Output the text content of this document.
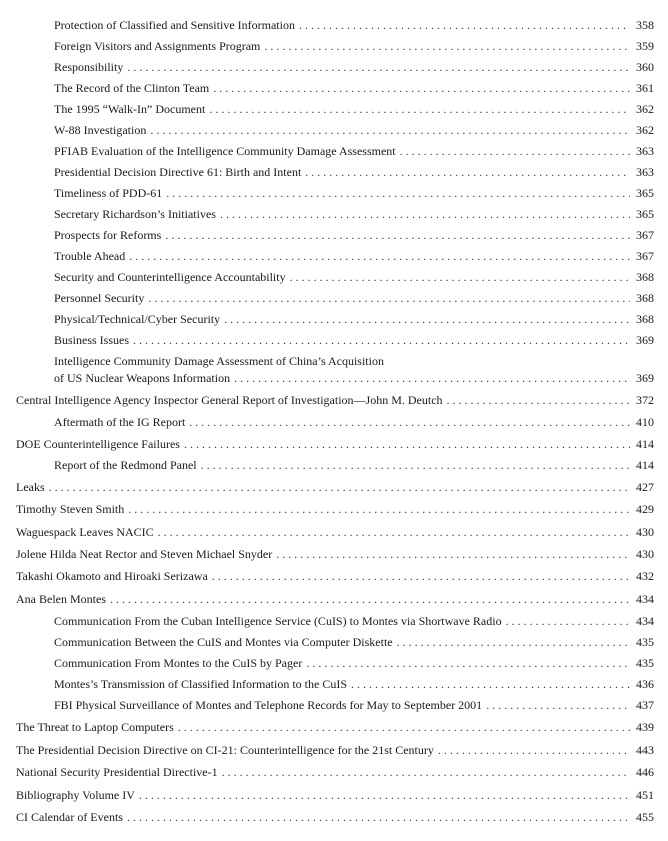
Protection of Classified and Sensitive Information . . .	358
Foreign Visitors and Assignments Program . . .	359
Responsibility . . .	360
The Record of the Clinton Team . . .	361
The 1995 “Walk-In” Document . . .	362
W-88 Investigation . . .	362
PFIAB Evaluation of the Intelligence Community Damage Assessment . . .	363
Presidential Decision Directive 61: Birth and Intent . . .	363
Timeliness of PDD-61 . . .	365
Secretary Richardson’s Initiatives . . .	365
Prospects for Reforms . . .	367
Trouble Ahead . . .	367
Security and Counterintelligence Accountability . . .	368
Personnel Security . . .	368
Physical/Technical/Cyber Security . . .	368
Business Issues . . .	369
Intelligence Community Damage Assessment of China’s Acquisition
of US Nuclear Weapons Information . . .	369
Central Intelligence Agency Inspector General Report of Investigation—John M. Deutch . . .	372
Aftermath of the IG Report . . .	410
DOE Counterintelligence Failures . . .	414
Report of the Redmond Panel . . .	414
Leaks . . .	427
Timothy Steven Smith . . .	429
Waguespack Leaves NACIC . . .	430
Jolene Hilda Neat Rector and Steven Michael Snyder . . .	430
Takashi Okamoto and Hiroaki Serizawa . . .	432
Ana Belen Montes . . .	434
Communication From the Cuban Intelligence Service (CuIS) to Montes via Shortwave Radio . . .	434
Communication Between the CuIS and Montes via Computer Diskette . . .	435
Communication From Montes to the CuIS by Pager . . .	435
Montes’s Transmission of Classified Information to the CuIS . . .	436
FBI Physical Surveillance of Montes and Telephone Records for May to September 2001 . . .	437
The Threat to Laptop Computers . . .	439
The Presidential Decision Directive on CI-21: Counterintelligence for the 21st Century . . .	443
National Security Presidential Directive-1 . . .	446
Bibliography Volume IV . . .	451
CI Calendar of Events . . .	455
